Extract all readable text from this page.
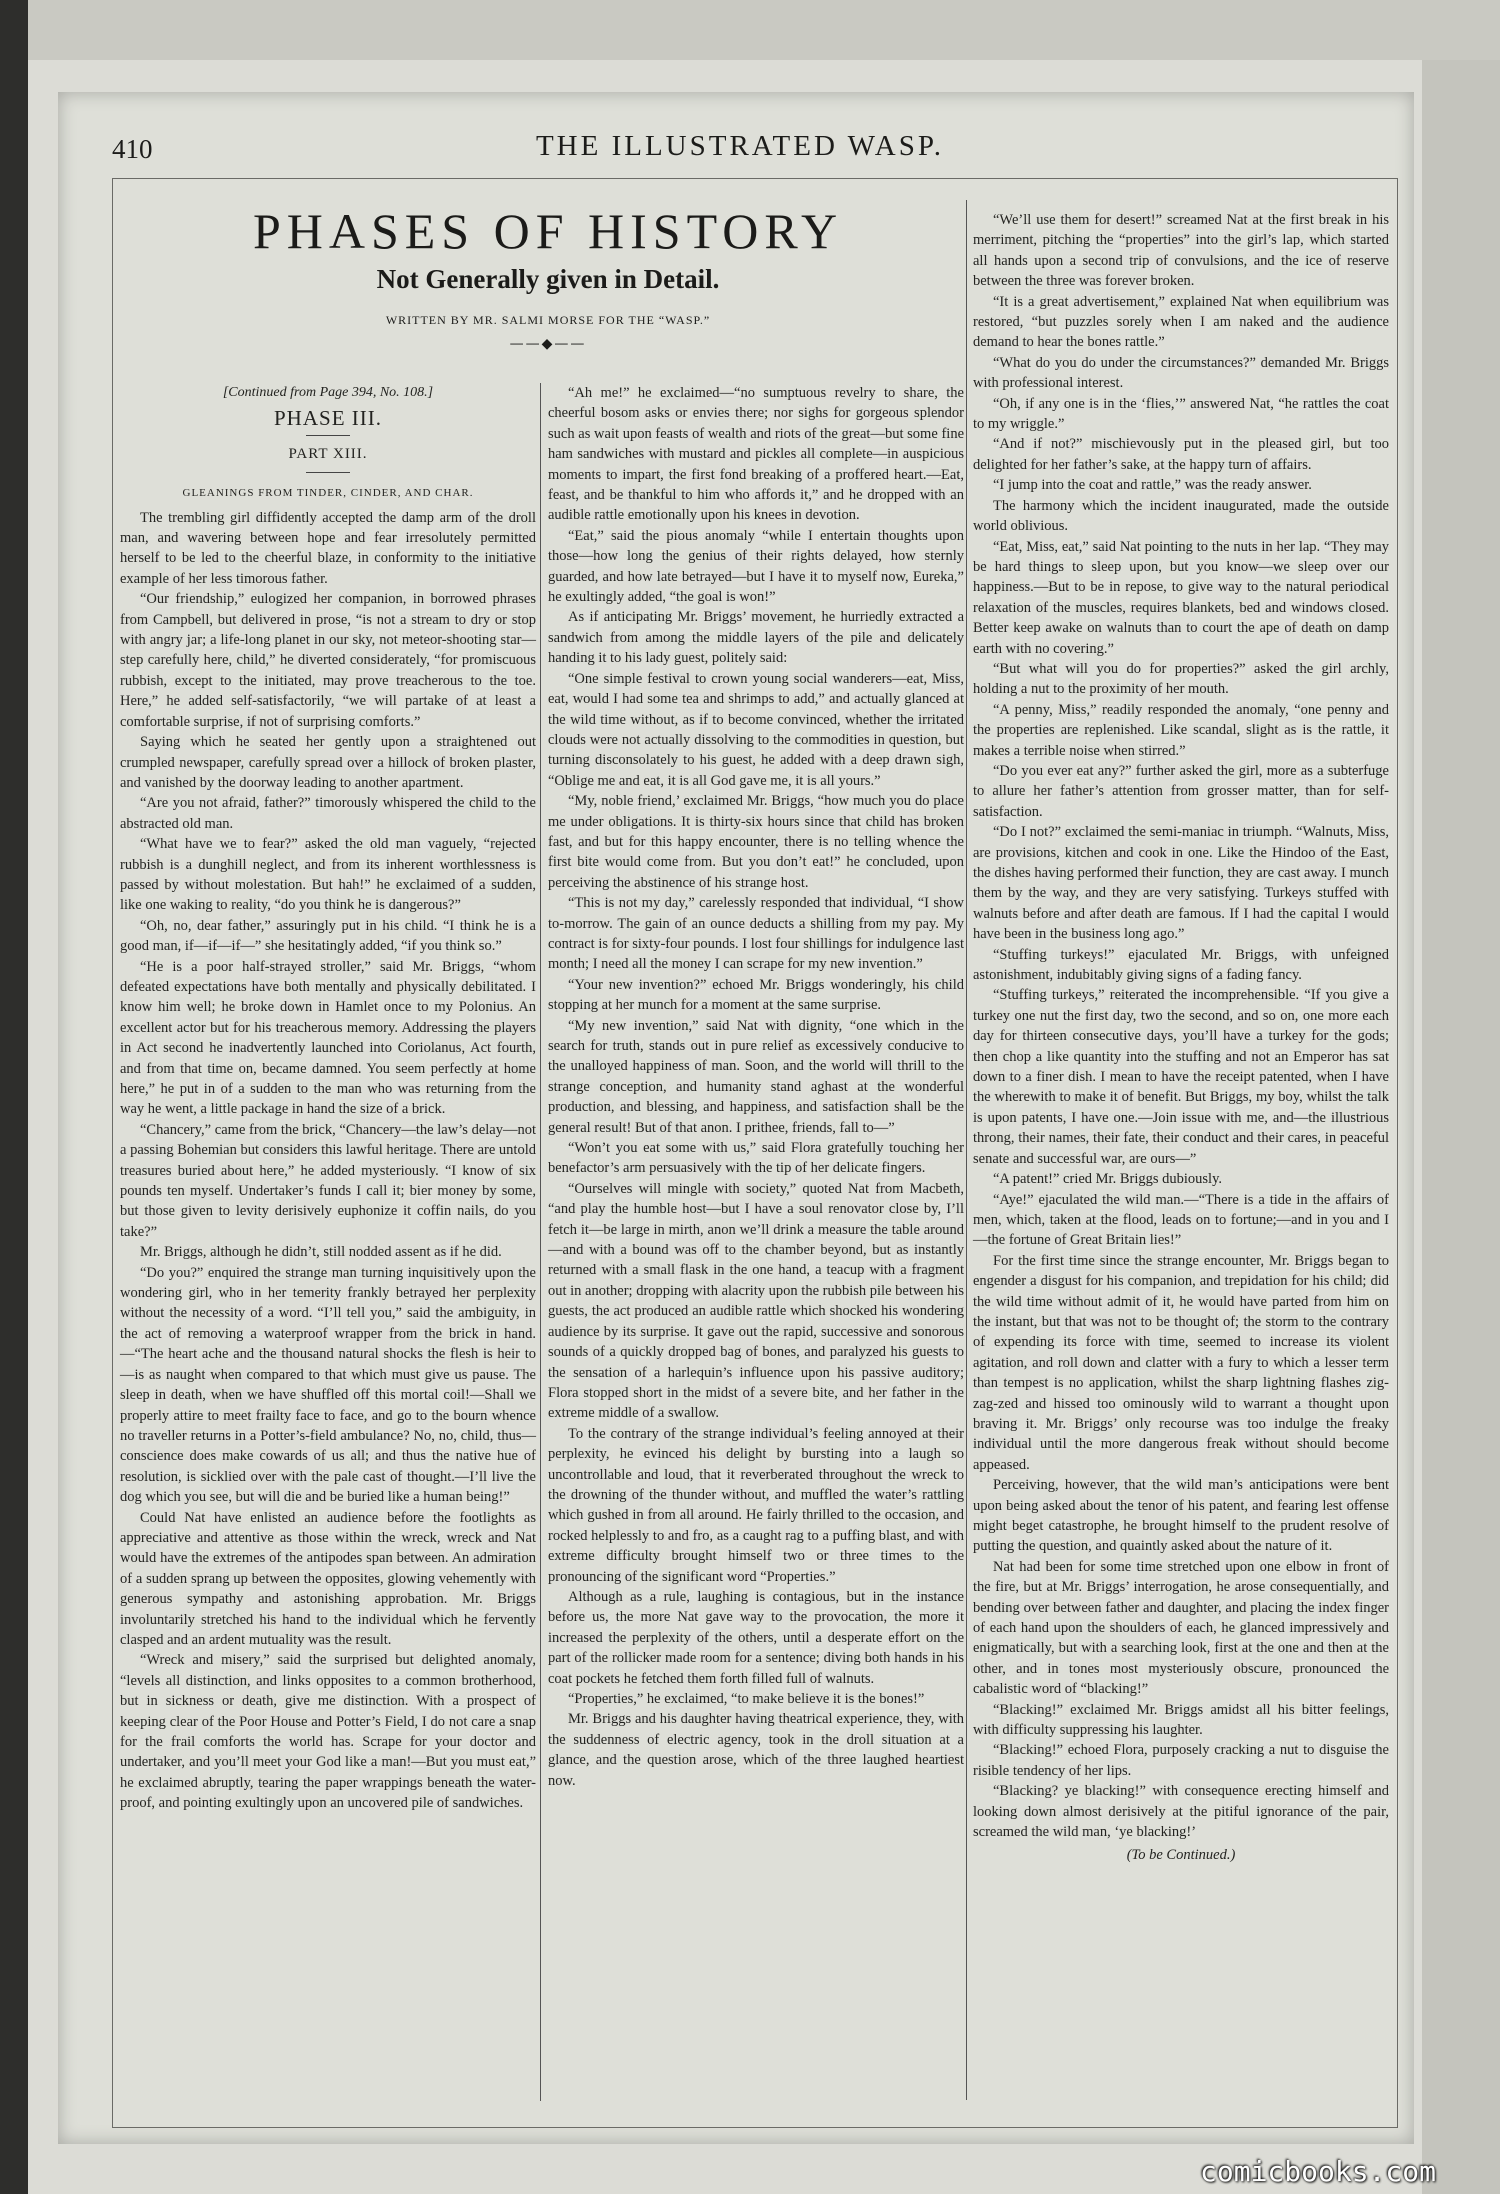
410	THE ILLUSTRATED WASP.
PHASES OF HISTORY
Not Generally given in Detail.
WRITTEN BY MR. SALMI MORSE FOR THE “WASP.”
——◆——
[Continued from Page 394, No. 108.]
PHASE III.
PART XIII.
GLEANINGS FROM TINDER, CINDER, AND CHAR.

The trembling girl diffidently accepted the damp arm of the droll man, and wavering between hope and fear irresolutely permitted herself to be led to the cheerful blaze, in conformity to the initiative example of her less timorous father.

“Our friendship,” eulogized her companion, in borrowed phrases from Campbell, but delivered in prose, “is not a stream to dry or stop with angry jar; a life-long planet in our sky, not meteor-shooting star—step carefully here, child,” he diverted considerately, “for promiscuous rubbish, except to the initiated, may prove treacherous to the toe. Here,” he added self-satisfactorily, “we will partake of at least a comfortable surprise, if not of surprising comforts.”

Saying which he seated her gently upon a straightened out crumpled newspaper, carefully spread over a hillock of broken plaster, and vanished by the doorway leading to another apartment.

“Are you not afraid, father?” timorously whispered the child to the abstracted old man.

“What have we to fear?” asked the old man vaguely, “rejected rubbish is a dunghill neglect, and from its inherent worthlessness is passed by without molestation. But hah!” he exclaimed of a sudden, like one waking to reality, “do you think he is dangerous?”

“Oh, no, dear father,” assuringly put in his child. “I think he is a good man, if—if—if—” she hesitatingly added, “if you think so.”

“He is a poor half-strayed stroller,” said Mr. Briggs, “whom defeated expectations have both mentally and physically debilitated. I know him well; he broke down in Hamlet once to my Polonius. An excellent actor but for his treacherous memory. Addressing the players in Act second he inadvertently launched into Coriolanus, Act fourth, and from that time on, became damned. You seem perfectly at home here,” he put in of a sudden to the man who was returning from the way he went, a little package in hand the size of a brick.

“Chancery,” came from the brick, “Chancery—the law’s delay—not a passing Bohemian but considers this lawful heritage. There are untold treasures buried about here,” he added mysteriously. “I know of six pounds ten myself. Undertaker’s funds I call it; bier money by some, but those given to levity derisively euphonize it coffin nails, do you take?”

Mr. Briggs, although he didn’t, still nodded assent as if he did.

“Do you?” enquired the strange man turning inquisitively upon the wondering girl, who in her temerity frankly betrayed her perplexity without the necessity of a word. “I’ll tell you,” said the ambiguity, in the act of removing a waterproof wrapper from the brick in hand.—“The heart ache and the thousand natural shocks the flesh is heir to—is as naught when compared to that which must give us pause. The sleep in death, when we have shuffled off this mortal coil!—Shall we properly attire to meet frailty face to face, and go to the bourn whence no traveller returns in a Potter’s-field ambulance? No, no, child, thus—conscience does make cowards of us all; and thus the native hue of resolution, is sicklied over with the pale cast of thought.—I’ll live the dog which you see, but will die and be buried like a human being!”

Could Nat have enlisted an audience before the footlights as appreciative and attentive as those within the wreck, wreck and Nat would have the extremes of the antipodes span between. An admiration of a sudden sprang up between the opposites, glowing vehemently with generous sympathy and astonishing approbation. Mr. Briggs involuntarily stretched his hand to the individual which he fervently clasped and an ardent mutuality was the result.

“Wreck and misery,” said the surprised but delighted anomaly, “levels all distinction, and links opposites to a common brotherhood, but in sickness or death, give me distinction. With a prospect of keeping clear of the Poor House and Potter’s Field, I do not care a snap for the frail comforts the world has. Scrape for your doctor and undertaker, and you’ll meet your God like a man!—But you must eat,” he exclaimed abruptly, tearing the paper wrappings beneath the water-proof, and pointing exultingly upon an uncovered pile of sandwiches.

“Ah me!” he exclaimed—“no sumptuous revelry to share, the cheerful bosom asks or envies there; nor sighs for gorgeous splendor such as wait upon feasts of wealth and riots of the great—but some fine ham sandwiches with mustard and pickles all complete—in auspicious moments to impart, the first fond breaking of a proffered heart.—Eat, feast, and be thankful to him who affords it,” and he dropped with an audible rattle emotionally upon his knees in devotion.

“Eat,” said the pious anomaly “while I entertain thoughts upon those—how long the genius of their rights delayed, how sternly guarded, and how late betrayed—but I have it to myself now, Eureka,” he exultingly added, “the goal is won!”

As if anticipating Mr. Briggs’ movement, he hurriedly extracted a sandwich from among the middle layers of the pile and delicately handing it to his lady guest, politely said:

“One simple festival to crown young social wanderers—eat, Miss, eat, would I had some tea and shrimps to add,” and actually glanced at the wild time without, as if to become convinced, whether the irritated clouds were not actually dissolving to the commodities in question, but turning disconsolately to his guest, he added with a deep drawn sigh, “Oblige me and eat, it is all God gave me, it is all yours.”

“My, noble friend,’ exclaimed Mr. Briggs, “how much you do place me under obligations. It is thirty-six hours since that child has broken fast, and but for this happy encounter, there is no telling whence the first bite would come from. But you don’t eat!” he concluded, upon perceiving the abstinence of his strange host.

“This is not my day,” carelessly responded that individual, “I show to-morrow. The gain of an ounce deducts a shilling from my pay. My contract is for sixty-four pounds. I lost four shillings for indulgence last month; I need all the money I can scrape for my new invention.”

“Your new invention?” echoed Mr. Briggs wonderingly, his child stopping at her munch for a moment at the same surprise.

“My new invention,” said Nat with dignity, “one which in the search for truth, stands out in pure relief as excessively conducive to the unalloyed happiness of man. Soon, and the world will thrill to the strange conception, and humanity stand aghast at the wonderful production, and blessing, and happiness, and satisfaction shall be the general result! But of that anon. I prithee, friends, fall to—”

“Won’t you eat some with us,” said Flora gratefully touching her benefactor’s arm persuasively with the tip of her delicate fingers.

“Ourselves will mingle with society,” quoted Nat from Macbeth, “and play the humble host—but I have a soul renovator close by, I’ll fetch it—be large in mirth, anon we’ll drink a measure the table around—and with a bound was off to the chamber beyond, but as instantly returned with a small flask in the one hand, a teacup with a fragment out in another; dropping with alacrity upon the rubbish pile between his guests, the act produced an audible rattle which shocked his wondering audience by its surprise. It gave out the rapid, successive and sonorous sounds of a quickly dropped bag of bones, and paralyzed his guests to the sensation of a harlequin’s influence upon his passive auditory; Flora stopped short in the midst of a severe bite, and her father in the extreme middle of a swallow.

To the contrary of the strange individual’s feeling annoyed at their perplexity, he evinced his delight by bursting into a laugh so uncontrollable and loud, that it reverberated throughout the wreck to the drowning of the thunder without, and muffled the water’s rattling which gushed in from all around. He fairly thrilled to the occasion, and rocked helplessly to and fro, as a caught rag to a puffing blast, and with extreme difficulty brought himself two or three times to the pronouncing of the significant word “Properties.”

Although as a rule, laughing is contagious, but in the instance before us, the more Nat gave way to the provocation, the more it increased the perplexity of the others, until a desperate effort on the part of the rollicker made room for a sentence; diving both hands in his coat pockets he fetched them forth filled full of walnuts.

“Properties,” he exclaimed, “to make believe it is the bones!”

Mr. Briggs and his daughter having theatrical experience, they, with the suddenness of electric agency, took in the droll situation at a glance, and the question arose, which of the three laughed heartiest now.

“We’ll use them for desert!” screamed Nat at the first break in his merriment, pitching the “properties” into the girl’s lap, which started all hands upon a second trip of convulsions, and the ice of reserve between the three was forever broken.

“It is a great advertisement,” explained Nat when equilibrium was restored, “but puzzles sorely when I am naked and the audience demand to hear the bones rattle.”

“What do you do under the circumstances?” demanded Mr. Briggs with professional interest.

“Oh, if any one is in the ‘flies,’” answered Nat, “he rattles the coat to my wriggle.”

“And if not?” mischievously put in the pleased girl, but too delighted for her father’s sake, at the happy turn of affairs.

“I jump into the coat and rattle,” was the ready answer.

The harmony which the incident inaugurated, made the outside world oblivious.

“Eat, Miss, eat,” said Nat pointing to the nuts in her lap. “They may be hard things to sleep upon, but you know—we sleep over our happiness.—But to be in repose, to give way to the natural periodical relaxation of the muscles, requires blankets, bed and windows closed. Better keep awake on walnuts than to court the ape of death on damp earth with no covering.”

“But what will you do for properties?” asked the girl archly, holding a nut to the proximity of her mouth.

“A penny, Miss,” readily responded the anomaly, “one penny and the properties are replenished. Like scandal, slight as is the rattle, it makes a terrible noise when stirred.”

“Do you ever eat any?” further asked the girl, more as a subterfuge to allure her father’s attention from grosser matter, than for self-satisfaction.

“Do I not?” exclaimed the semi-maniac in triumph. “Walnuts, Miss, are provisions, kitchen and cook in one. Like the Hindoo of the East, the dishes having performed their function, they are cast away. I munch them by the way, and they are very satisfying. Turkeys stuffed with walnuts before and after death are famous. If I had the capital I would have been in the business long ago.”

“Stuffing turkeys!” ejaculated Mr. Briggs, with unfeigned astonishment, indubitably giving signs of a fading fancy.

“Stuffing turkeys,” reiterated the incomprehensible. “If you give a turkey one nut the first day, two the second, and so on, one more each day for thirteen consecutive days, you’ll have a turkey for the gods; then chop a like quantity into the stuffing and not an Emperor has sat down to a finer dish. I mean to have the receipt patented, when I have the wherewith to make it of benefit. But Briggs, my boy, whilst the talk is upon patents, I have one.—Join issue with me, and—the illustrious throng, their names, their fate, their conduct and their cares, in peaceful senate and successful war, are ours—”

“A patent!” cried Mr. Briggs dubiously.

“Aye!” ejaculated the wild man.—“There is a tide in the affairs of men, which, taken at the flood, leads on to fortune;—and in you and I—the fortune of Great Britain lies!”

For the first time since the strange encounter, Mr. Briggs began to engender a disgust for his companion, and trepidation for his child; did the wild time without admit of it, he would have parted from him on the instant, but that was not to be thought of; the storm to the contrary of expending its force with time, seemed to increase its violent agitation, and roll down and clatter with a fury to which a lesser term than tempest is no application, whilst the sharp lightning flashes zig-zag-zed and hissed too ominously wild to warrant a thought upon braving it. Mr. Briggs’ only recourse was too indulge the freaky individual until the more dangerous freak without should become appeased.

Perceiving, however, that the wild man’s anticipations were bent upon being asked about the tenor of his patent, and fearing lest offense might beget catastrophe, he brought himself to the prudent resolve of putting the question, and quaintly asked about the nature of it.

Nat had been for some time stretched upon one elbow in front of the fire, but at Mr. Briggs’ interrogation, he arose consequentially, and bending over between father and daughter, and placing the index finger of each hand upon the shoulders of each, he glanced impressively and enigmatically, but with a searching look, first at the one and then at the other, and in tones most mysteriously obscure, pronounced the cabalistic word of “blacking!”

“Blacking!” exclaimed Mr. Briggs amidst all his bitter feelings, with difficulty suppressing his laughter.

“Blacking!” echoed Flora, purposely cracking a nut to disguise the risible tendency of her lips.

“Blacking? ye blacking!” with consequence erecting himself and looking down almost derisively at the pitiful ignorance of the pair, screamed the wild man, ‘ye blacking!’

(To be Continued.)
comicbooks.com
